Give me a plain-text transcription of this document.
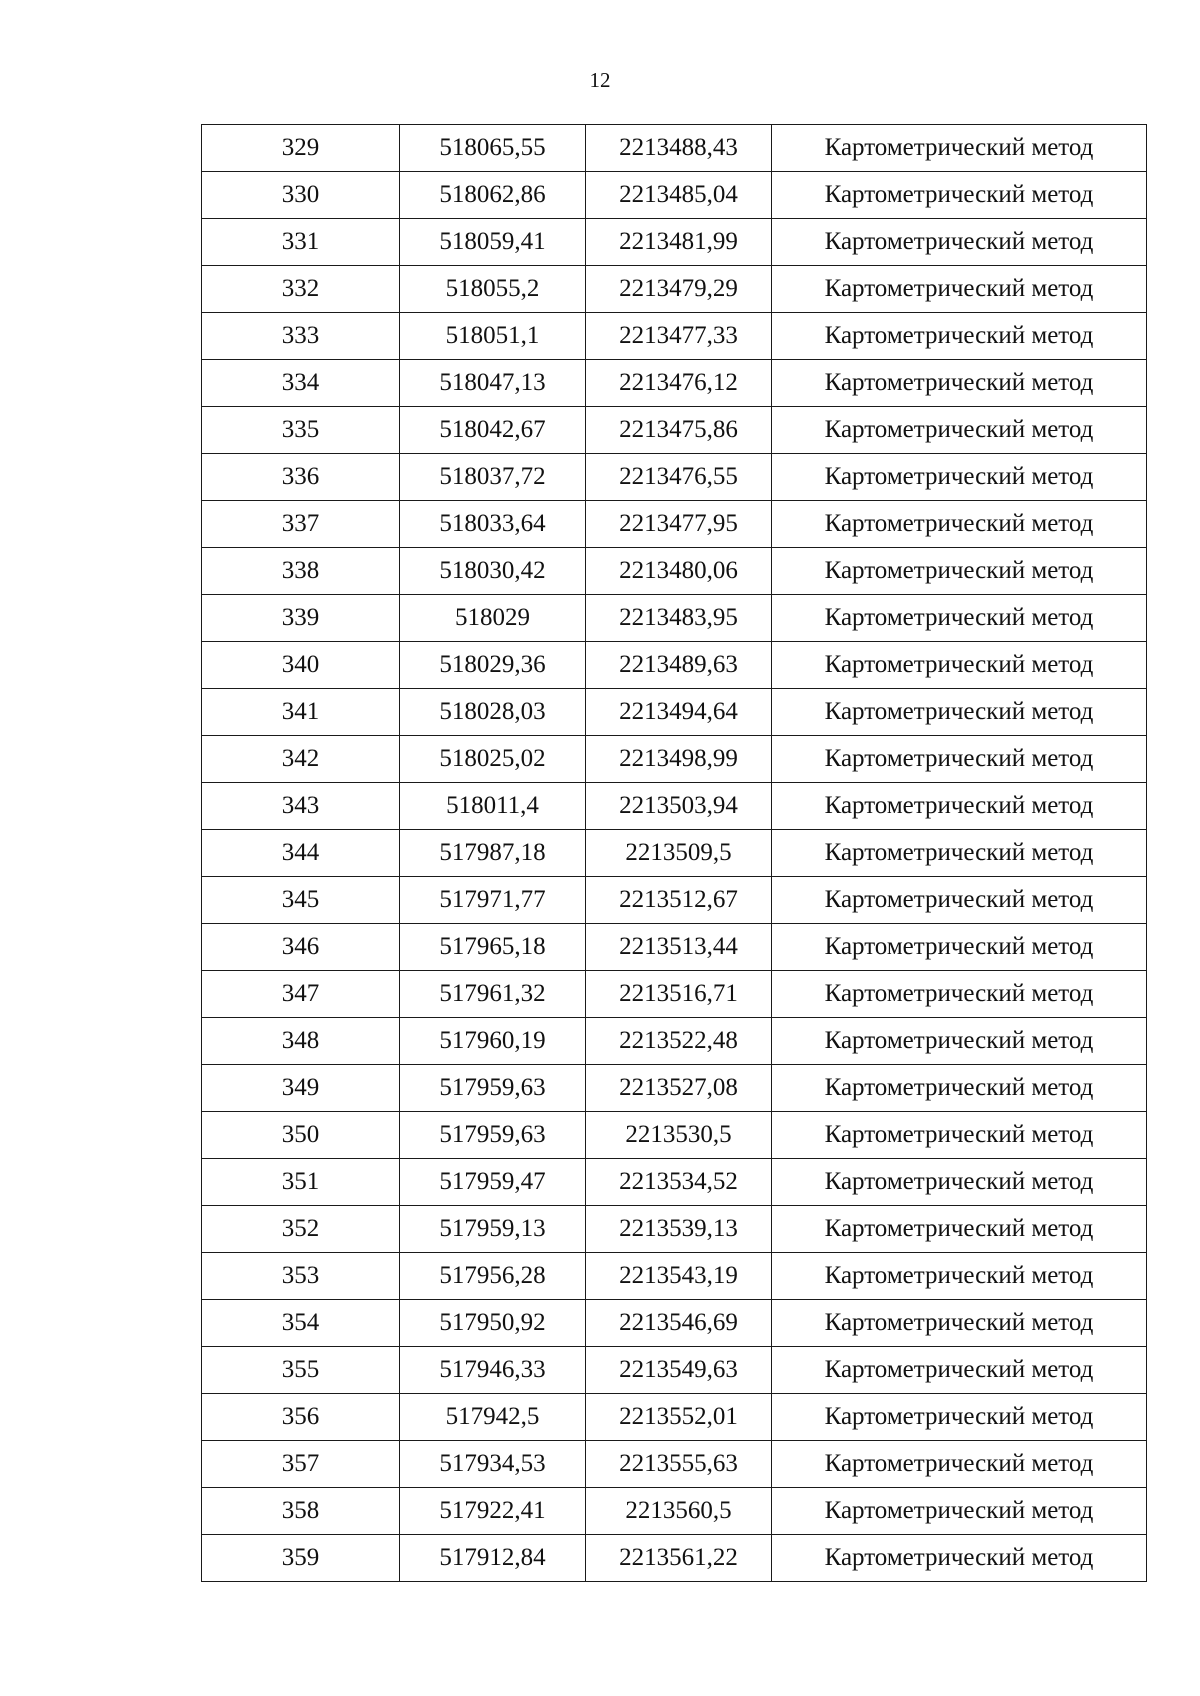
12
329	518065,55	2213488,43	Картометрический метод
330	518062,86	2213485,04	Картометрический метод
331	518059,41	2213481,99	Картометрический метод
332	518055,2	2213479,29	Картометрический метод
333	518051,1	2213477,33	Картометрический метод
334	518047,13	2213476,12	Картометрический метод
335	518042,67	2213475,86	Картометрический метод
336	518037,72	2213476,55	Картометрический метод
337	518033,64	2213477,95	Картометрический метод
338	518030,42	2213480,06	Картометрический метод
339	518029	2213483,95	Картометрический метод
340	518029,36	2213489,63	Картометрический метод
341	518028,03	2213494,64	Картометрический метод
342	518025,02	2213498,99	Картометрический метод
343	518011,4	2213503,94	Картометрический метод
344	517987,18	2213509,5	Картометрический метод
345	517971,77	2213512,67	Картометрический метод
346	517965,18	2213513,44	Картометрический метод
347	517961,32	2213516,71	Картометрический метод
348	517960,19	2213522,48	Картометрический метод
349	517959,63	2213527,08	Картометрический метод
350	517959,63	2213530,5	Картометрический метод
351	517959,47	2213534,52	Картометрический метод
352	517959,13	2213539,13	Картометрический метод
353	517956,28	2213543,19	Картометрический метод
354	517950,92	2213546,69	Картометрический метод
355	517946,33	2213549,63	Картометрический метод
356	517942,5	2213552,01	Картометрический метод
357	517934,53	2213555,63	Картометрический метод
358	517922,41	2213560,5	Картометрический метод
359	517912,84	2213561,22	Картометрический метод
